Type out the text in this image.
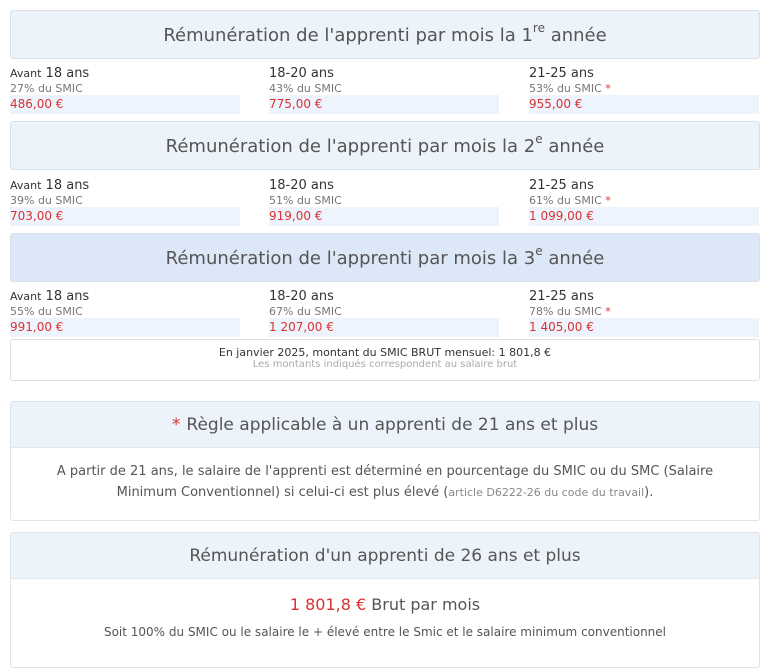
Rémunération de l'apprenti par mois la 1re année
Avant 18 ans
27% du SMIC
486,00 €
18-20 ans
43% du SMIC
775,00 €
21-25 ans
53% du SMIC *
955,00 €
Rémunération de l'apprenti par mois la 2e année
Avant 18 ans
39% du SMIC
703,00 €
18-20 ans
51% du SMIC
919,00 €
21-25 ans
61% du SMIC *
1 099,00 €
Rémunération de l'apprenti par mois la 3e année
Avant 18 ans
55% du SMIC
991,00 €
18-20 ans
67% du SMIC
1 207,00 €
21-25 ans
78% du SMIC *
1 405,00 €
En janvier 2025, montant du SMIC BRUT mensuel: 1 801,8 €
Les montants indiqués correspondent au salaire brut
* Règle applicable à un apprenti de 21 ans et plus
A partir de 21 ans, le salaire de l'apprenti est déterminé en pourcentage du SMIC ou du SMC (Salaire Minimum Conventionnel) si celui-ci est plus élevé (article D6222-26 du code du travail).
Rémunération d'un apprenti de 26 ans et plus
1 801,8 € Brut par mois
Soit 100% du SMIC ou le salaire le + élevé entre le Smic et le salaire minimum conventionnel
